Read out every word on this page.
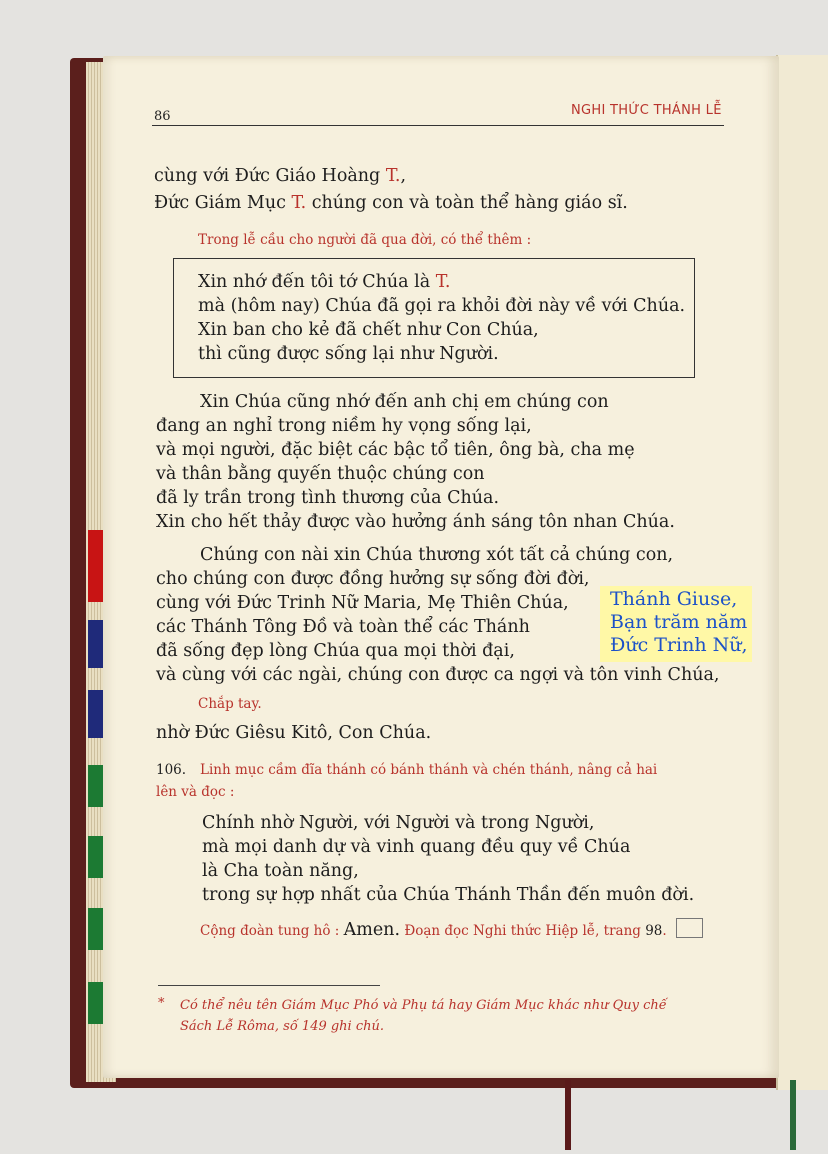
86	NGHI THỨC THÁNH LỄ
cùng với Đức Giáo Hoàng T.,
Đức Giám Mục T. chúng con và toàn thể hàng giáo sĩ.
Trong lễ cầu cho người đã qua đời, có thể thêm :
Xin nhớ đến tôi tớ Chúa là T.
mà (hôm nay) Chúa đã gọi ra khỏi đời này về với Chúa.
Xin ban cho kẻ đã chết như Con Chúa,
thì cũng được sống lại như Người.
Xin Chúa cũng nhớ đến anh chị em chúng con
đang an nghỉ trong niềm hy vọng sống lại,
và mọi người, đặc biệt các bậc tổ tiên, ông bà, cha mẹ
và thân bằng quyến thuộc chúng con
đã ly trần trong tình thương của Chúa.
Xin cho hết thảy được vào hưởng ánh sáng tôn nhan Chúa.
Chúng con nài xin Chúa thương xót tất cả chúng con,
cho chúng con được đồng hưởng sự sống đời đời,
cùng với Đức Trinh Nữ Maria, Mẹ Thiên Chúa,
các Thánh Tông Đồ và toàn thể các Thánh
đã sống đẹp lòng Chúa qua mọi thời đại,
và cùng với các ngài, chúng con được ca ngợi và tôn vinh Chúa,
Thánh Giuse,
Bạn trăm năm
Đức Trinh Nữ,
Chắp tay.
nhờ Đức Giêsu Kitô, Con Chúa.
106. Linh mục cầm đĩa thánh có bánh thánh và chén thánh, nâng cả hai
lên và đọc :
Chính nhờ Người, với Người và trong Người,
mà mọi danh dự và vinh quang đều quy về Chúa
là Cha toàn năng,
trong sự hợp nhất của Chúa Thánh Thần đến muôn đời.
Cộng đoàn tung hô : Amen. Đoạn đọc Nghi thức Hiệp lễ, trang 98.
* Có thể nêu tên Giám Mục Phó và Phụ tá hay Giám Mục khác như Quy chế
Sách Lễ Rôma, số 149 ghi chú.
